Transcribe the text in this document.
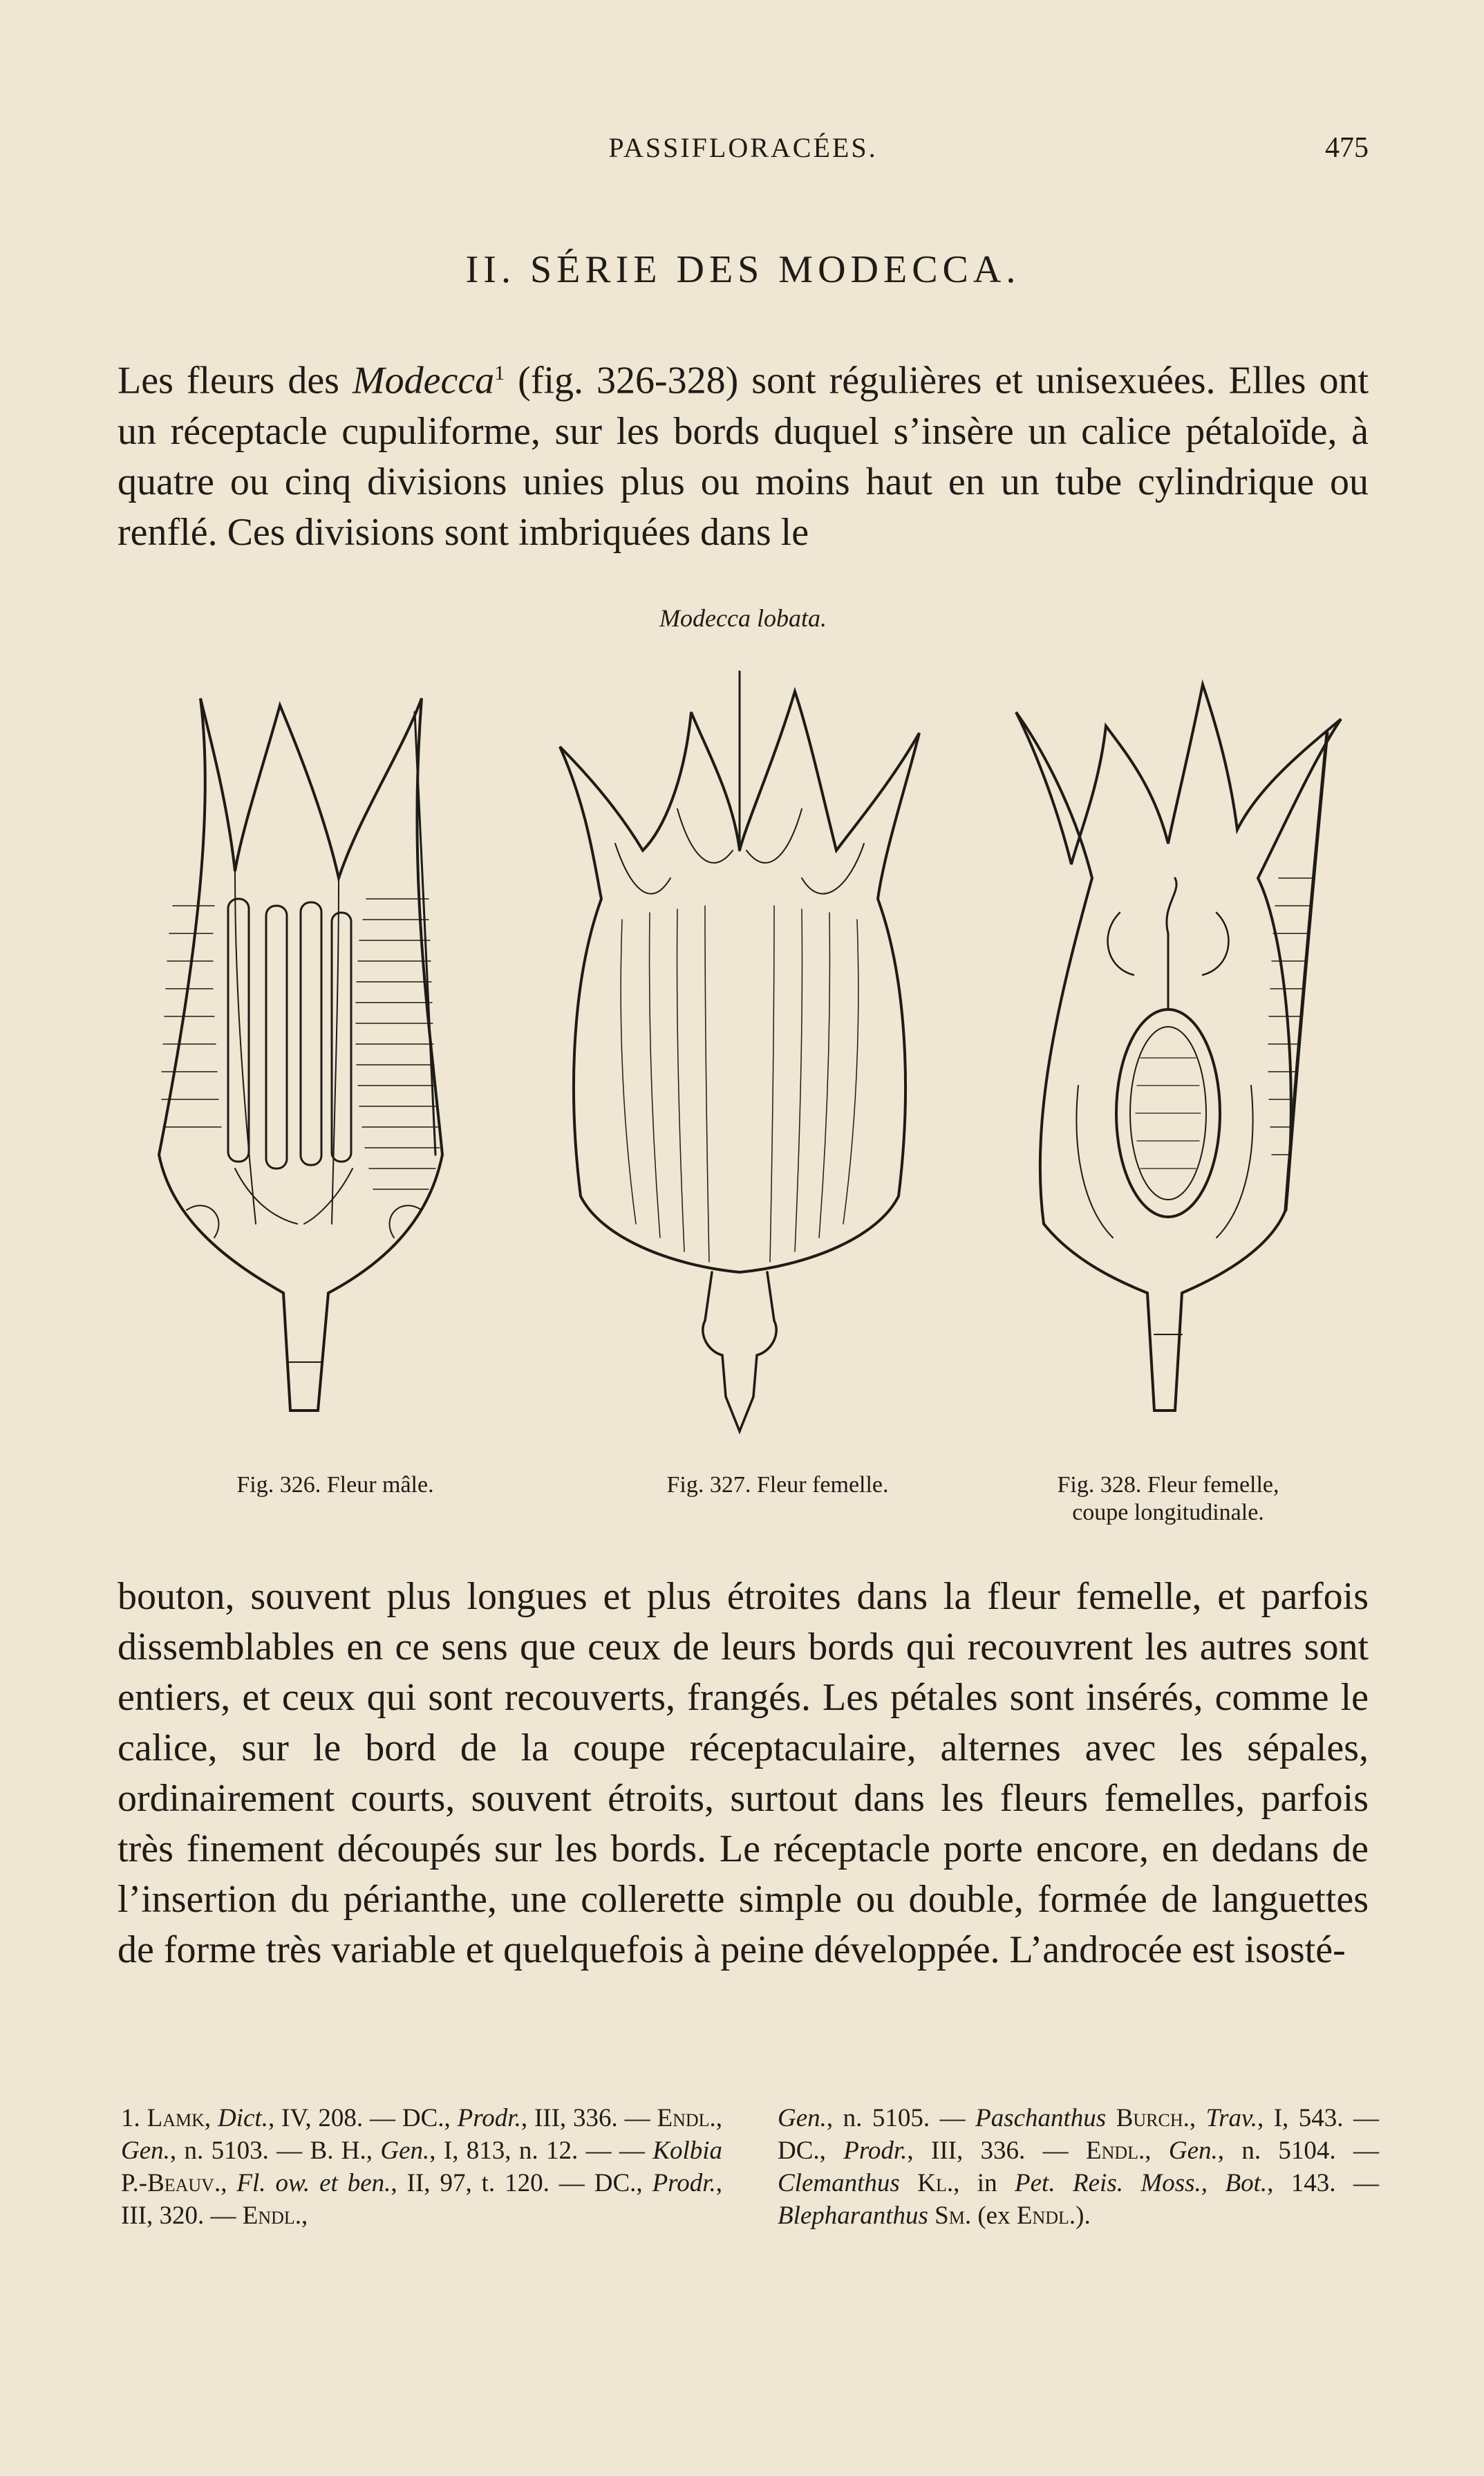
PASSIFLORACÉES.	475
II. SÉRIE DES MODECCA.

Les fleurs des Modecca$^1$ (fig. 326-328) sont régulières et unisexuées. Elles ont un réceptacle cupuliforme, sur les bords duquel s’insère un calice pétaloïde, à quatre ou cinq divisions unies plus ou moins haut en un tube cylindrique ou renflé. Ces divisions sont imbriquées dans le

Modecca lobata.
Fig. 326. Fleur mâle.	Fig. 327. Fleur femelle.	Fig. 328. Fleur femelle,
coupe longitudinale.

bouton, souvent plus longues et plus étroites dans la fleur femelle, et parfois dissemblables en ce sens que ceux de leurs bords qui recouvrent les autres sont entiers, et ceux qui sont recouverts, frangés. Les pétales sont insérés, comme le calice, sur le bord de la coupe réceptaculaire, alternes avec les sépales, ordinairement courts, souvent étroits, surtout dans les fleurs femelles, parfois très finement découpés sur les bords. Le réceptacle porte encore, en dedans de l’insertion du périanthe, une collerette simple ou double, formée de languettes de forme très variable et quelquefois à peine développée. L’androcée est isosté-

1. Lamk, Dict., IV, 208. — DC., Prodr., III, 336. — Endl., Gen., n. 5103. — B. H., Gen., I, 813, n. 12. — — Kolbia P.-Beauv., Fl. ow. et ben., II, 97, t. 120. — DC., Prodr., III, 320. — Endl.,
Gen., n. 5105. — Paschanthus Burch., Trav., I, 543. — DC., Prodr., III, 336. — Endl., Gen., n. 5104. — Clemanthus Kl., in Pet. Reis. Moss., Bot., 143. — Blepharanthus Sm. (ex Endl.).
